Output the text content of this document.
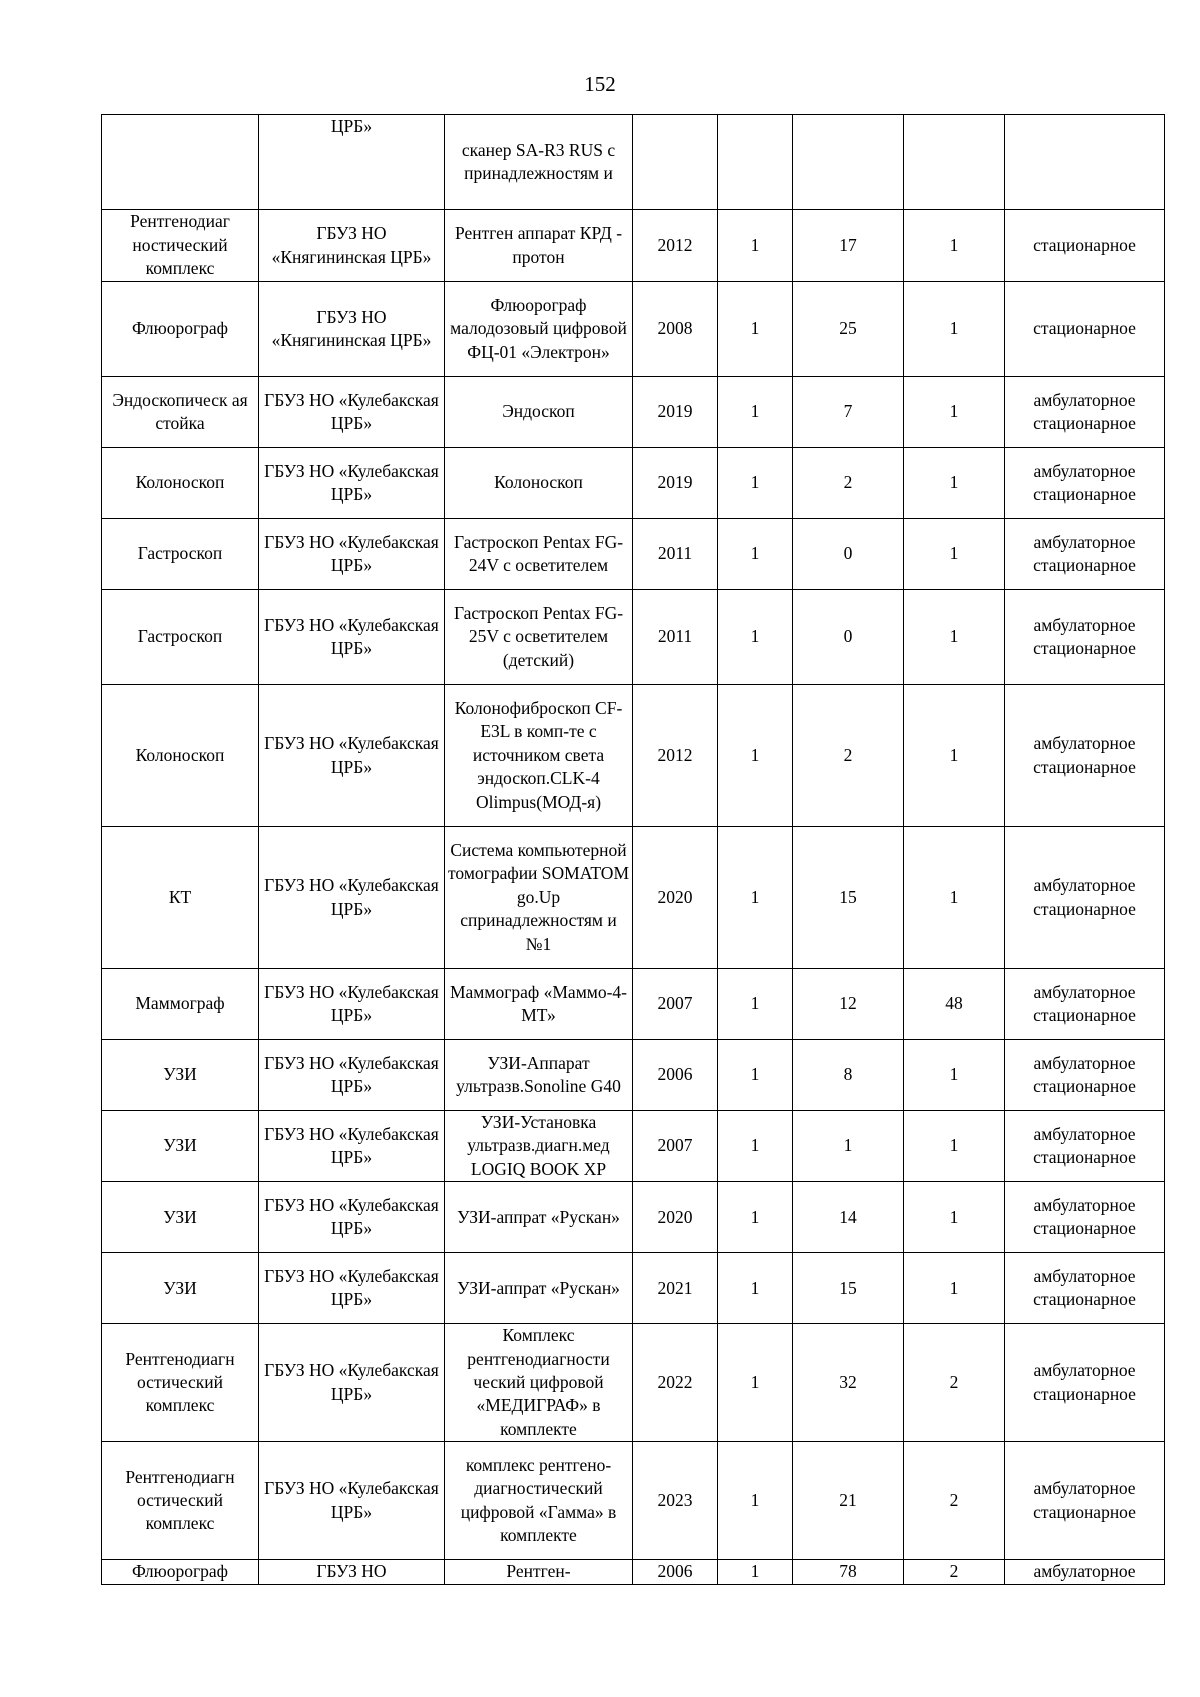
152
	ЦРБ»	сканер SA-R3 RUS с принадлежностям и					
Рентгенодиаг ностический комплекс	ГБУЗ НО «Княгининская ЦРБ»	Рентген аппарат КРД - протон	2012	1	17	1	стационарное
Флюорограф	ГБУЗ НО «Княгининская ЦРБ»	Флюорограф малодозовый цифровой ФЦ-01 «Электрон»	2008	1	25	1	стационарное
Эндоскопическ ая стойка	ГБУЗ НО «Кулебакская ЦРБ»	Эндоскоп	2019	1	7	1	амбулаторное стационарное
Колоноскоп	ГБУЗ НО «Кулебакская ЦРБ»	Колоноскоп	2019	1	2	1	амбулаторное стационарное
Гастроскоп	ГБУЗ НО «Кулебакская ЦРБ»	Гастроскоп Pentax FG-24V с осветителем	2011	1	0	1	амбулаторное стационарное
Гастроскоп	ГБУЗ НО «Кулебакская ЦРБ»	Гастроскоп Pentax FG-25V с осветителем (детский)	2011	1	0	1	амбулаторное стационарное
Колоноскоп	ГБУЗ НО «Кулебакская ЦРБ»	Колонофиброскоп CF-E3L в комп-те с источником света эндоскоп.CLK-4 Olimpus(МОД-я)	2012	1	2	1	амбулаторное стационарное
КТ	ГБУЗ НО «Кулебакская ЦРБ»	Система компьютерной томографии SOMATOM go.Up спринадлежностям и №1	2020	1	15	1	амбулаторное стационарное
Маммограф	ГБУЗ НО «Кулебакская ЦРБ»	Маммограф «Маммо-4-МТ»	2007	1	12	48	амбулаторное стационарное
УЗИ	ГБУЗ НО «Кулебакская ЦРБ»	УЗИ-Аппарат ультразв.Sonoline G40	2006	1	8	1	амбулаторное стационарное
УЗИ	ГБУЗ НО «Кулебакская ЦРБ»	УЗИ-Установка ультразв.диагн.мед LOGIQ BOOK XP	2007	1	1	1	амбулаторное стационарное
УЗИ	ГБУЗ НО «Кулебакская ЦРБ»	УЗИ-аппрат «Рускан»	2020	1	14	1	амбулаторное стационарное
УЗИ	ГБУЗ НО «Кулебакская ЦРБ»	УЗИ-аппрат «Рускан»	2021	1	15	1	амбулаторное стационарное
Рентгенодиагн остический комплекс	ГБУЗ НО «Кулебакская ЦРБ»	Комплекс рентгенодиагности ческий цифровой «МЕДИГРАФ» в комплекте	2022	1	32	2	амбулаторное стационарное
Рентгенодиагн остический комплекс	ГБУЗ НО «Кулебакская ЦРБ»	комплекс рентгено-диагностический цифровой «Гамма» в комплекте	2023	1	21	2	амбулаторное стационарное
Флюорограф	ГБУЗ НО	Рентген-	2006	1	78	2	амбулаторное
